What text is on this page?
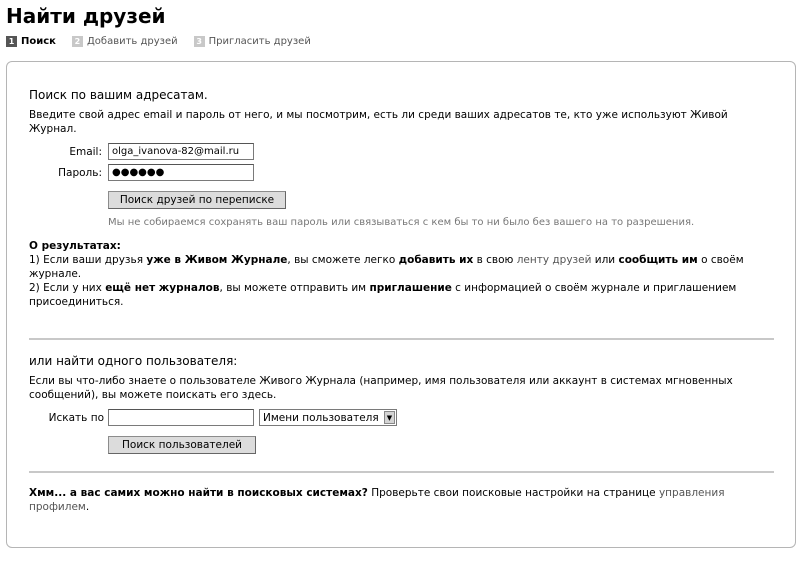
Найти друзей
1 Поиск	2 Добавить друзей	3 Пригласить друзей
Поиск по вашим адресатам.
Введите свой адрес email и пароль от него, и мы посмотрим, есть ли среди ваших адресатов те, кто уже используют Живой
Журнал.
Email:
olga_ivanova-82@mail.ru
Пароль:
●●●●●●
Поиск друзей по переписке
Мы не собираемся сохранять ваш пароль или связываться с кем бы то ни было без вашего на то разрешения.
О результатах:
1) Если ваши друзья уже в Живом Журнале, вы сможете легко добавить их в свою ленту друзей или сообщить им о своём
журнале.
2) Если у них ещё нет журналов, вы можете отправить им приглашение с информацией о своём журнале и приглашением
присоединиться.
или найти одного пользователя:
Если вы что-либо знаете о пользователе Живого Журнала (например, имя пользователя или аккаунт в системах мгновенных
сообщений), вы можете поискать его здесь.
Искать по	Имени пользователя	▼
Поиск пользователей
Хмм... а вас самих можно найти в поисковых системах? Проверьте свои поисковые настройки на странице управления
профилем.
